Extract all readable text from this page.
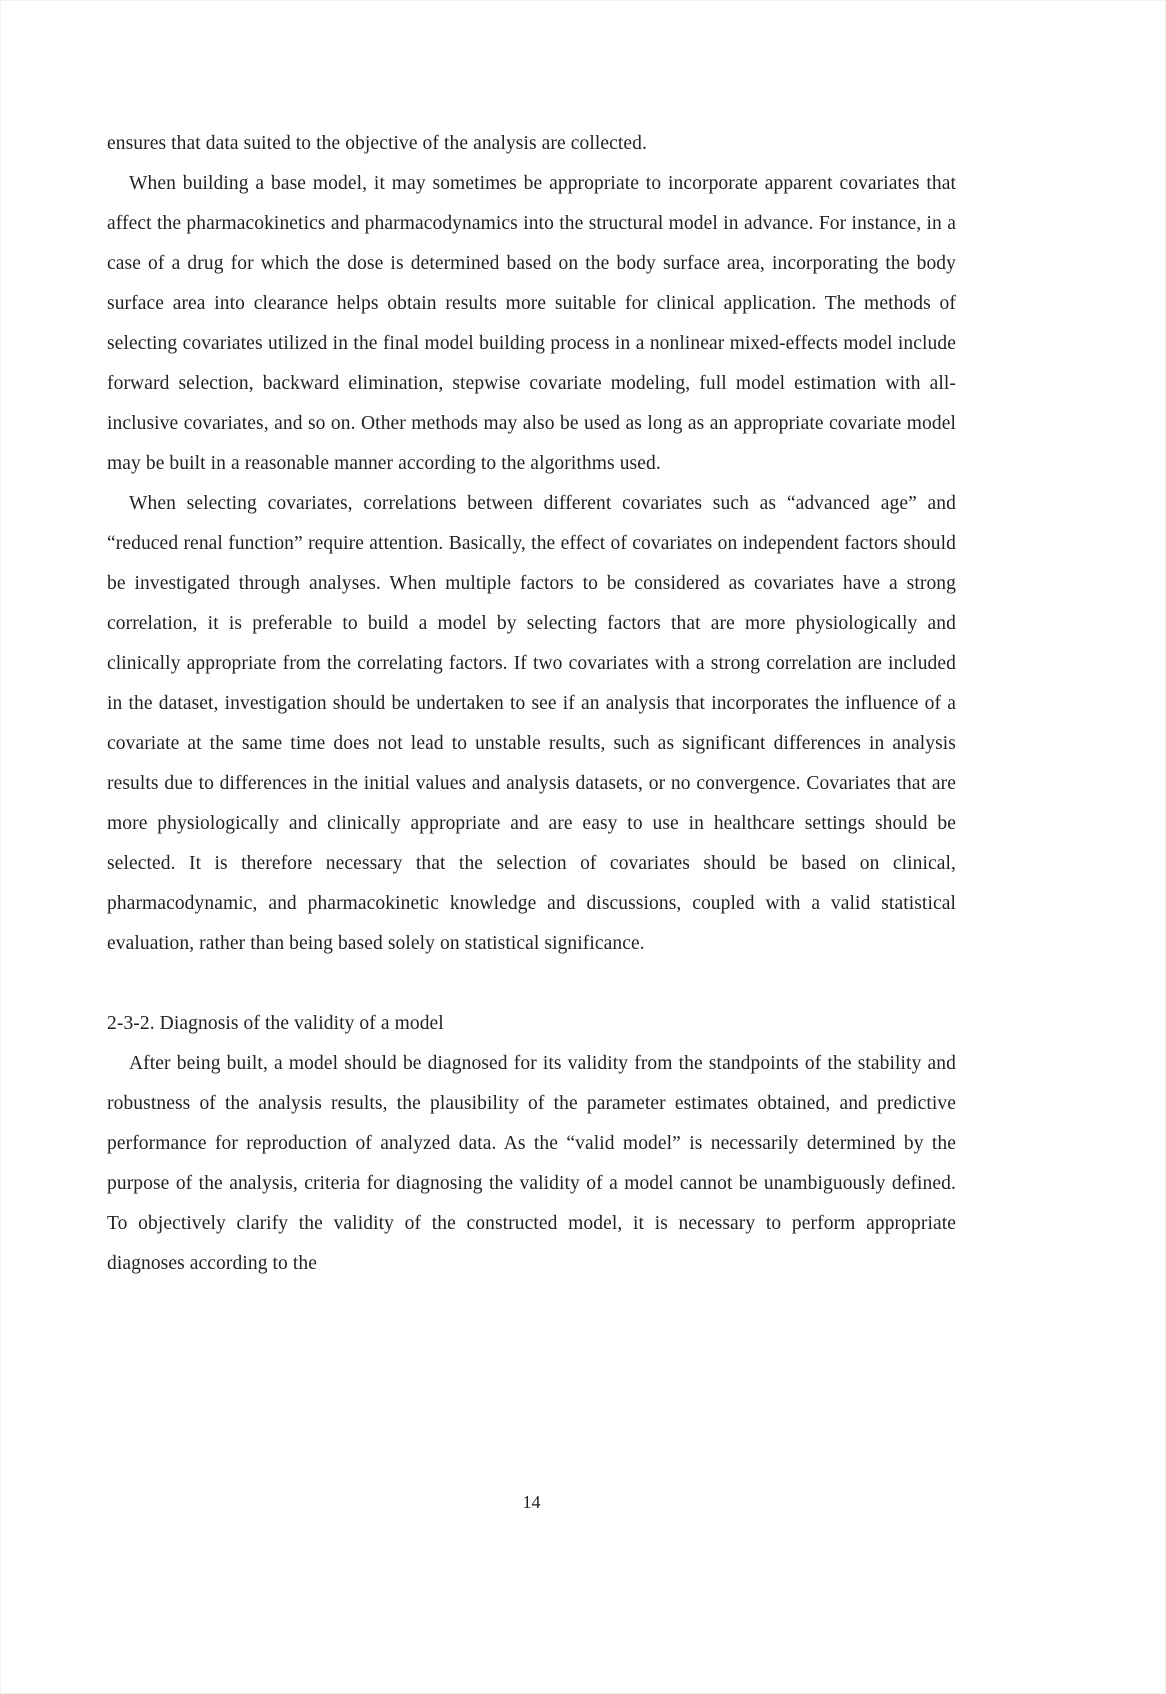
ensures that data suited to the objective of the analysis are collected.

When building a base model, it may sometimes be appropriate to incorporate apparent covariates that affect the pharmacokinetics and pharmacodynamics into the structural model in advance. For instance, in a case of a drug for which the dose is determined based on the body surface area, incorporating the body surface area into clearance helps obtain results more suitable for clinical application. The methods of selecting covariates utilized in the final model building process in a nonlinear mixed-effects model include forward selection, backward elimination, stepwise covariate modeling, full model estimation with all-inclusive covariates, and so on. Other methods may also be used as long as an appropriate covariate model may be built in a reasonable manner according to the algorithms used.

When selecting covariates, correlations between different covariates such as “advanced age” and “reduced renal function” require attention. Basically, the effect of covariates on independent factors should be investigated through analyses. When multiple factors to be considered as covariates have a strong correlation, it is preferable to build a model by selecting factors that are more physiologically and clinically appropriate from the correlating factors. If two covariates with a strong correlation are included in the dataset, investigation should be undertaken to see if an analysis that incorporates the influence of a covariate at the same time does not lead to unstable results, such as significant differences in analysis results due to differences in the initial values and analysis datasets, or no convergence. Covariates that are more physiologically and clinically appropriate and are easy to use in healthcare settings should be selected. It is therefore necessary that the selection of covariates should be based on clinical, pharmacodynamic, and pharmacokinetic knowledge and discussions, coupled with a valid statistical evaluation, rather than being based solely on statistical significance.

2-3-2. Diagnosis of the validity of a model

After being built, a model should be diagnosed for its validity from the standpoints of the stability and robustness of the analysis results, the plausibility of the parameter estimates obtained, and predictive performance for reproduction of analyzed data. As the “valid model” is necessarily determined by the purpose of the analysis, criteria for diagnosing the validity of a model cannot be unambiguously defined. To objectively clarify the validity of the constructed model, it is necessary to perform appropriate diagnoses according to the

14
